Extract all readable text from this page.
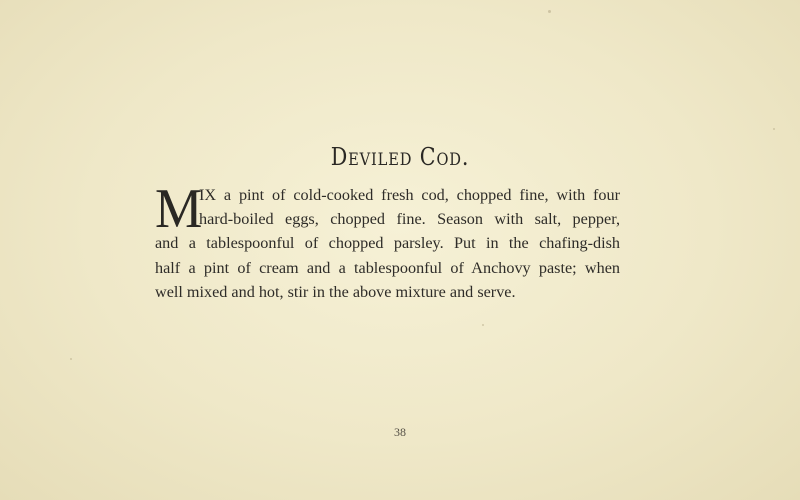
Deviled Cod.
M
IX a pint of cold-cooked fresh cod, chopped fine, with four
hard-boiled eggs, chopped fine. Season with salt, pepper,
and a tablespoonful of chopped parsley. Put in the chafing-dish
half a pint of cream and a tablespoonful of Anchovy paste; when
well mixed and hot, stir in the above mixture and serve.
38
